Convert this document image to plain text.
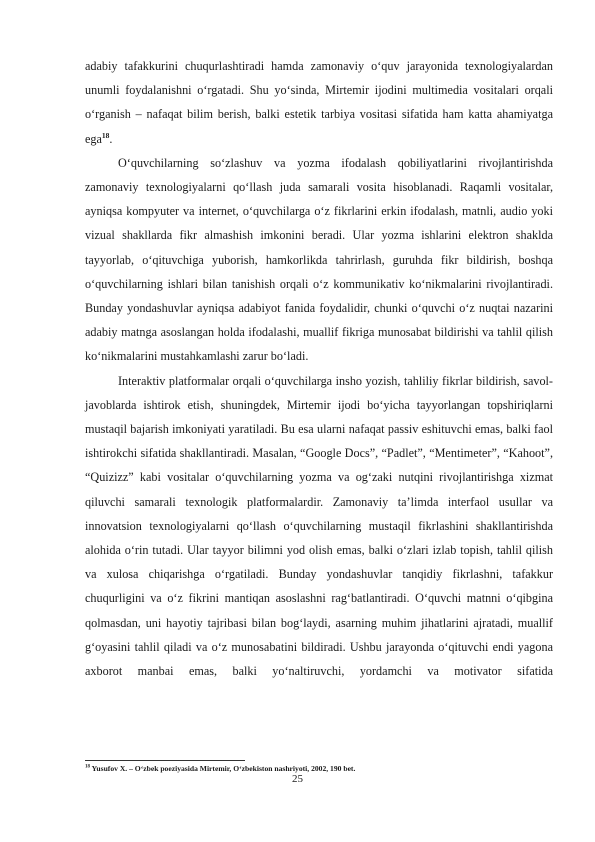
adabiy tafakkurini chuqurlashtiradi hamda zamonaviy o‘quv jarayonida texnologiyalardan unumli foydalanishni o‘rgatadi. Shu yo‘sinda, Mirtemir ijodini multimedia vositalari orqali o‘rganish – nafaqat bilim berish, balki estetik tarbiya vositasi sifatida ham katta ahamiyatga ega$^{18}$.

O‘quvchilarning so‘zlashuv va yozma ifodalash qobiliyatlarini rivojlantirishda zamonaviy texnologiyalarni qo‘llash juda samarali vosita hisoblanadi. Raqamli vositalar, ayniqsa kompyuter va internet, o‘quvchilarga o‘z fikrlarini erkin ifodalash, matnli, audio yoki vizual shakllarda fikr almashish imkonini beradi. Ular yozma ishlarini elektron shaklda tayyorlab, o‘qituvchiga yuborish, hamkorlikda tahrirlash, guruhda fikr bildirish, boshqa o‘quvchilarning ishlari bilan tanishish orqali o‘z kommunikativ ko‘nikmalarini rivojlantiradi. Bunday yondashuvlar ayniqsa adabiyot fanida foydalidir, chunki o‘quvchi o‘z nuqtai nazarini adabiy matnga asoslangan holda ifodalashi, muallif fikriga munosabat bildirishi va tahlil qilish ko‘nikmalarini mustahkamlashi zarur bo‘ladi.

Interaktiv platformalar orqali o‘quvchilarga insho yozish, tahliliy fikrlar bildirish, savol-javoblarda ishtirok etish, shuningdek, Mirtemir ijodi bo‘yicha tayyorlangan topshiriqlarni mustaqil bajarish imkoniyati yaratiladi. Bu esa ularni nafaqat passiv eshituvchi emas, balki faol ishtirokchi sifatida shakllantiradi. Masalan, “Google Docs”, “Padlet”, “Mentimeter”, “Kahoot”, “Quizizz” kabi vositalar o‘quvchilarning yozma va og‘zaki nutqini rivojlantirishga xizmat qiluvchi samarali texnologik platformalardir. Zamonaviy ta’limda interfaol usullar va innovatsion texnologiyalarni qo‘llash o‘quvchilarning mustaqil fikrlashini shakllantirishda alohida o‘rin tutadi. Ular tayyor bilimni yod olish emas, balki o‘zlari izlab topish, tahlil qilish va xulosa chiqarishga o‘rgatiladi. Bunday yondashuvlar tanqidiy fikrlashni, tafakkur chuqurligini va o‘z fikrini mantiqan asoslashni rag‘batlantiradi. O‘quvchi matnni o‘qibgina qolmasdan, uni hayotiy tajribasi bilan bog‘laydi, asarning muhim jihatlarini ajratadi, muallif g‘oyasini tahlil qiladi va o‘z munosabatini bildiradi. Ushbu jarayonda o‘qituvchi endi yagona axborot manbai emas, balki yo‘naltiruvchi, yordamchi va motivator sifatida

$^{18}$ Yusufov X. – O‘zbek poeziyasida Mirtemir, O‘zbekiston nashriyoti, 2002, 190 bet.
25
